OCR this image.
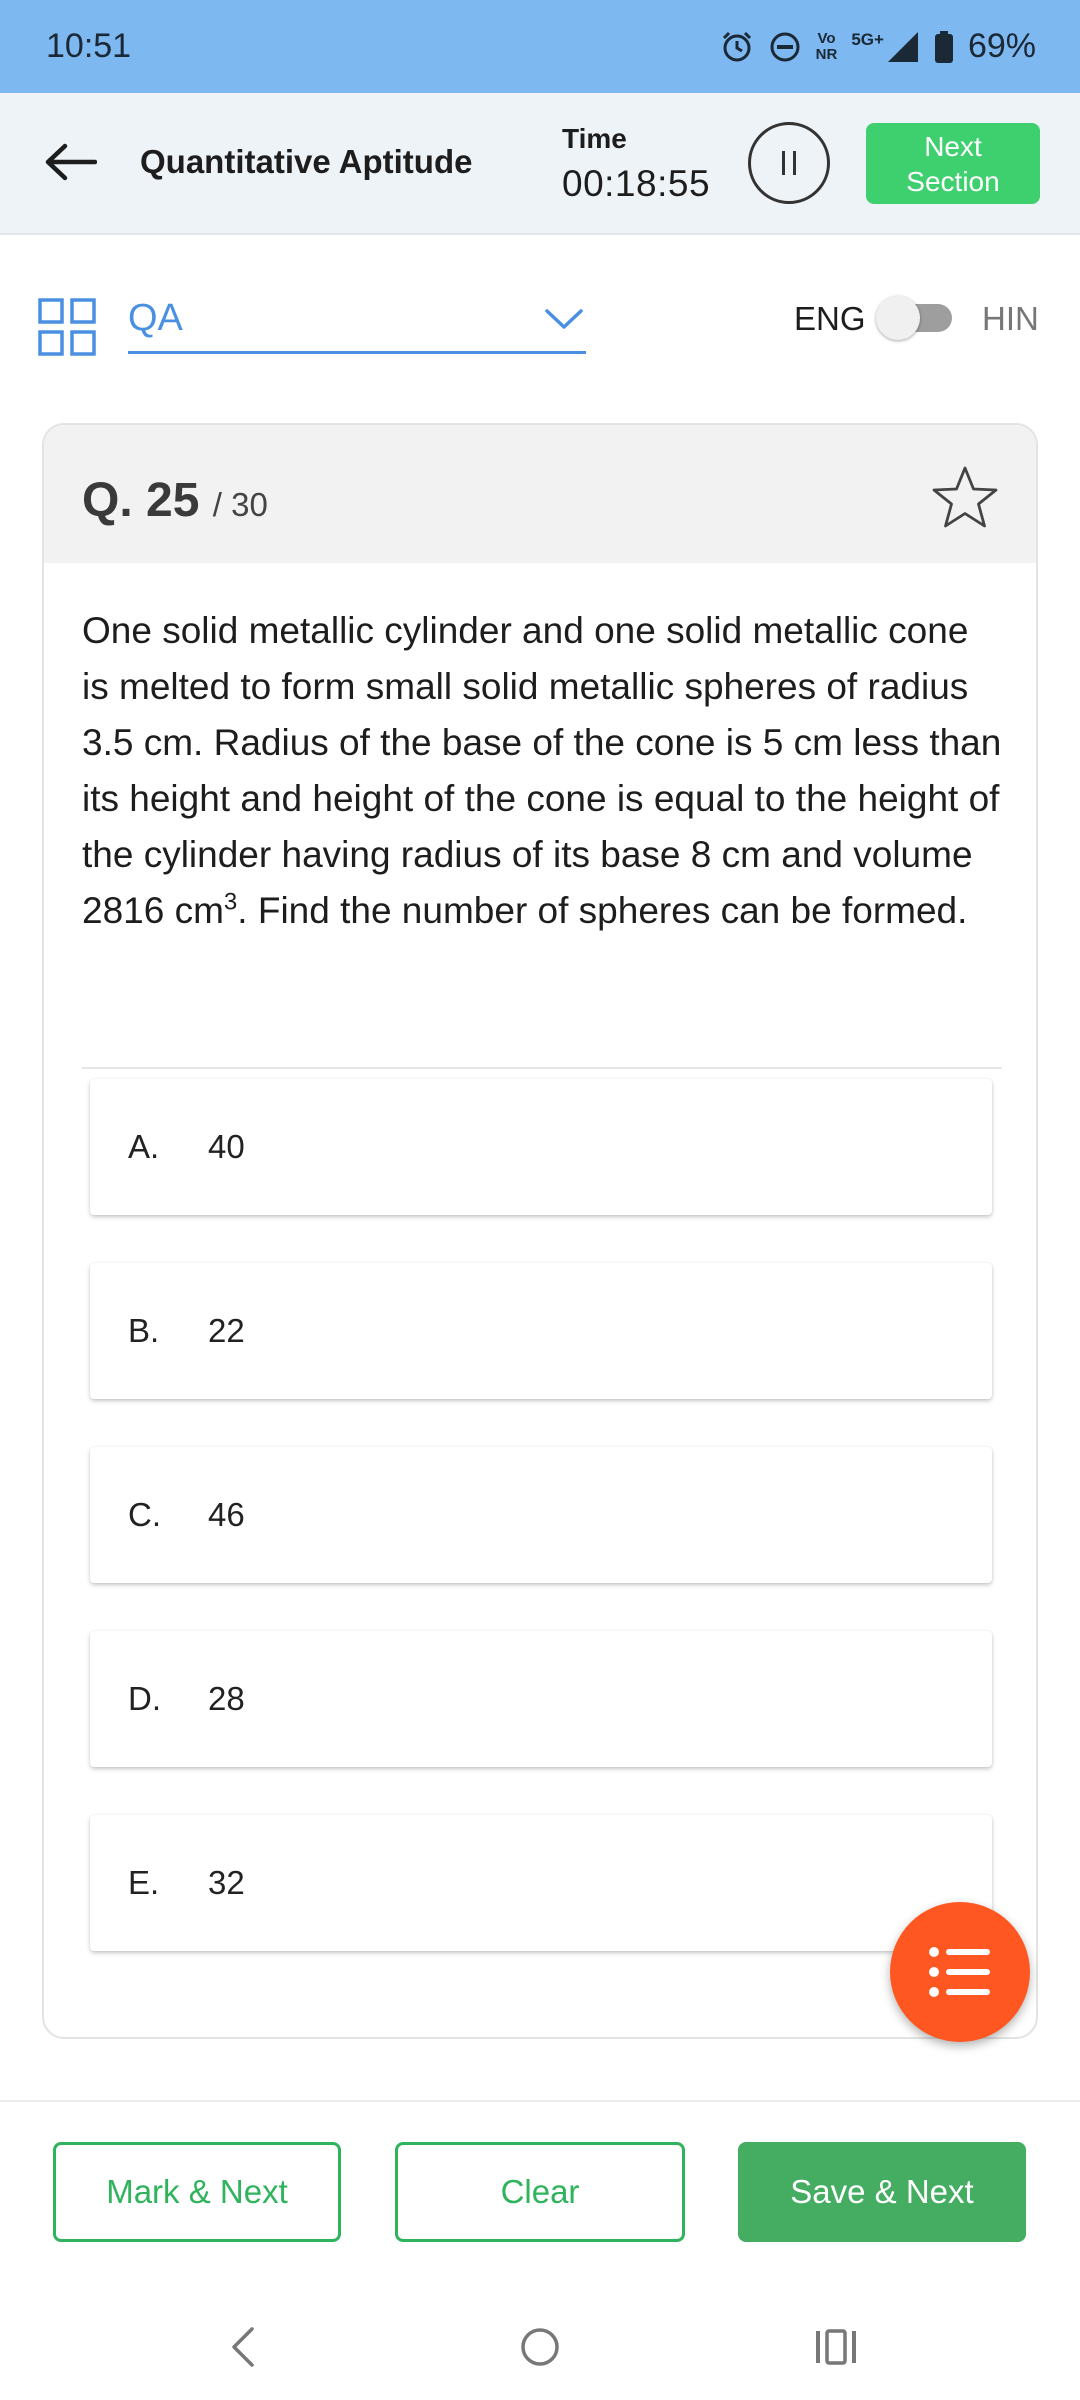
10:51	Vo
NR
5G+ 69%
Quantitative Aptitude
Time
00:18:55
Next
Section
QA	ENG	HIN
Q. 25 / 30
One solid metallic cylinder and one solid metallic cone is melted to form small solid metallic spheres of radius 3.5 cm. Radius of the base of the cone is 5 cm less than its height and height of the cone is equal to the height of the cylinder having radius of its base 8 cm and volume 2816 $cm^3$. Find the number of spheres can be formed.
A.	40
B.	22
C.	46
D.	28
E.	32
Mark & Next	Clear	Save & Next
